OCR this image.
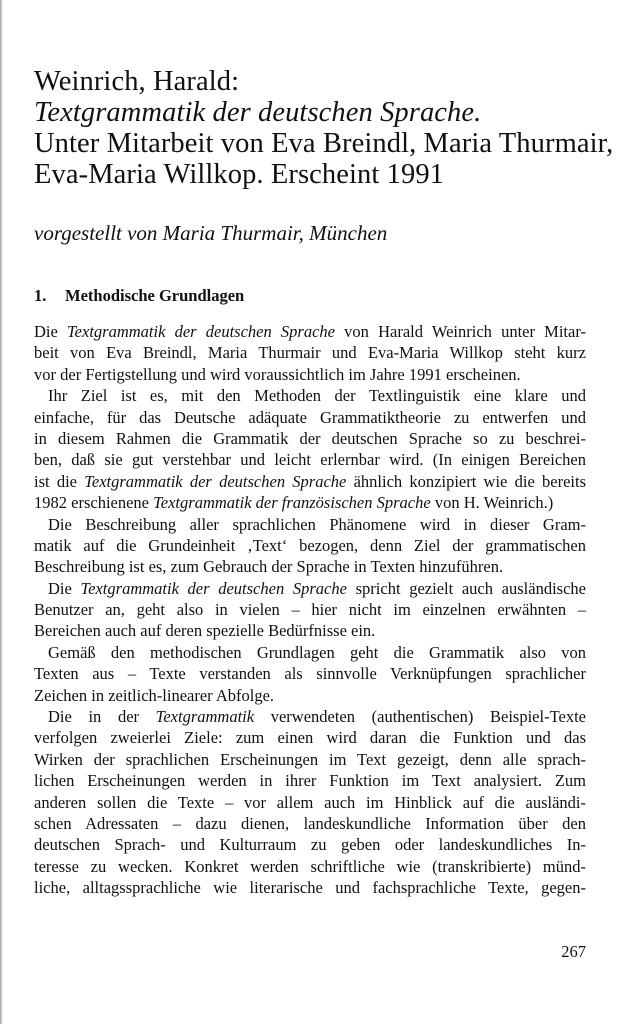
Weinrich, Harald:
Textgrammatik der deutschen Sprache.
Unter Mitarbeit von Eva Breindl, Maria Thurmair,
Eva-Maria Willkop. Erscheint 1991
vorgestellt von Maria Thurmair, München
1. Methodische Grundlagen
Die Textgrammatik der deutschen Sprache von Harald Weinrich unter Mitar-
beit von Eva Breindl, Maria Thurmair und Eva-Maria Willkop steht kurz
vor der Fertigstellung und wird voraussichtlich im Jahre 1991 erscheinen.
Ihr Ziel ist es, mit den Methoden der Textlinguistik eine klare und
einfache, für das Deutsche adäquate Grammatiktheorie zu entwerfen und
in diesem Rahmen die Grammatik der deutschen Sprache so zu beschrei-
ben, daß sie gut verstehbar und leicht erlernbar wird. (In einigen Bereichen
ist die Textgrammatik der deutschen Sprache ähnlich konzipiert wie die bereits
1982 erschienene Textgrammatik der französischen Sprache von H. Weinrich.)
Die Beschreibung aller sprachlichen Phänomene wird in dieser Gram-
matik auf die Grundeinheit ‚Text‘ bezogen, denn Ziel der grammatischen
Beschreibung ist es, zum Gebrauch der Sprache in Texten hinzuführen.
Die Textgrammatik der deutschen Sprache spricht gezielt auch ausländische
Benutzer an, geht also in vielen – hier nicht im einzelnen erwähnten –
Bereichen auch auf deren spezielle Bedürfnisse ein.
Gemäß den methodischen Grundlagen geht die Grammatik also von
Texten aus – Texte verstanden als sinnvolle Verknüpfungen sprachlicher
Zeichen in zeitlich-linearer Abfolge.
Die in der Textgrammatik verwendeten (authentischen) Beispiel-Texte
verfolgen zweierlei Ziele: zum einen wird daran die Funktion und das
Wirken der sprachlichen Erscheinungen im Text gezeigt, denn alle sprach-
lichen Erscheinungen werden in ihrer Funktion im Text analysiert. Zum
anderen sollen die Texte – vor allem auch im Hinblick auf die ausländi-
schen Adressaten – dazu dienen, landeskundliche Information über den
deutschen Sprach- und Kulturraum zu geben oder landeskundliches In-
teresse zu wecken. Konkret werden schriftliche wie (transkribierte) münd-
liche, alltagssprachliche wie literarische und fachsprachliche Texte, gegen-
267
